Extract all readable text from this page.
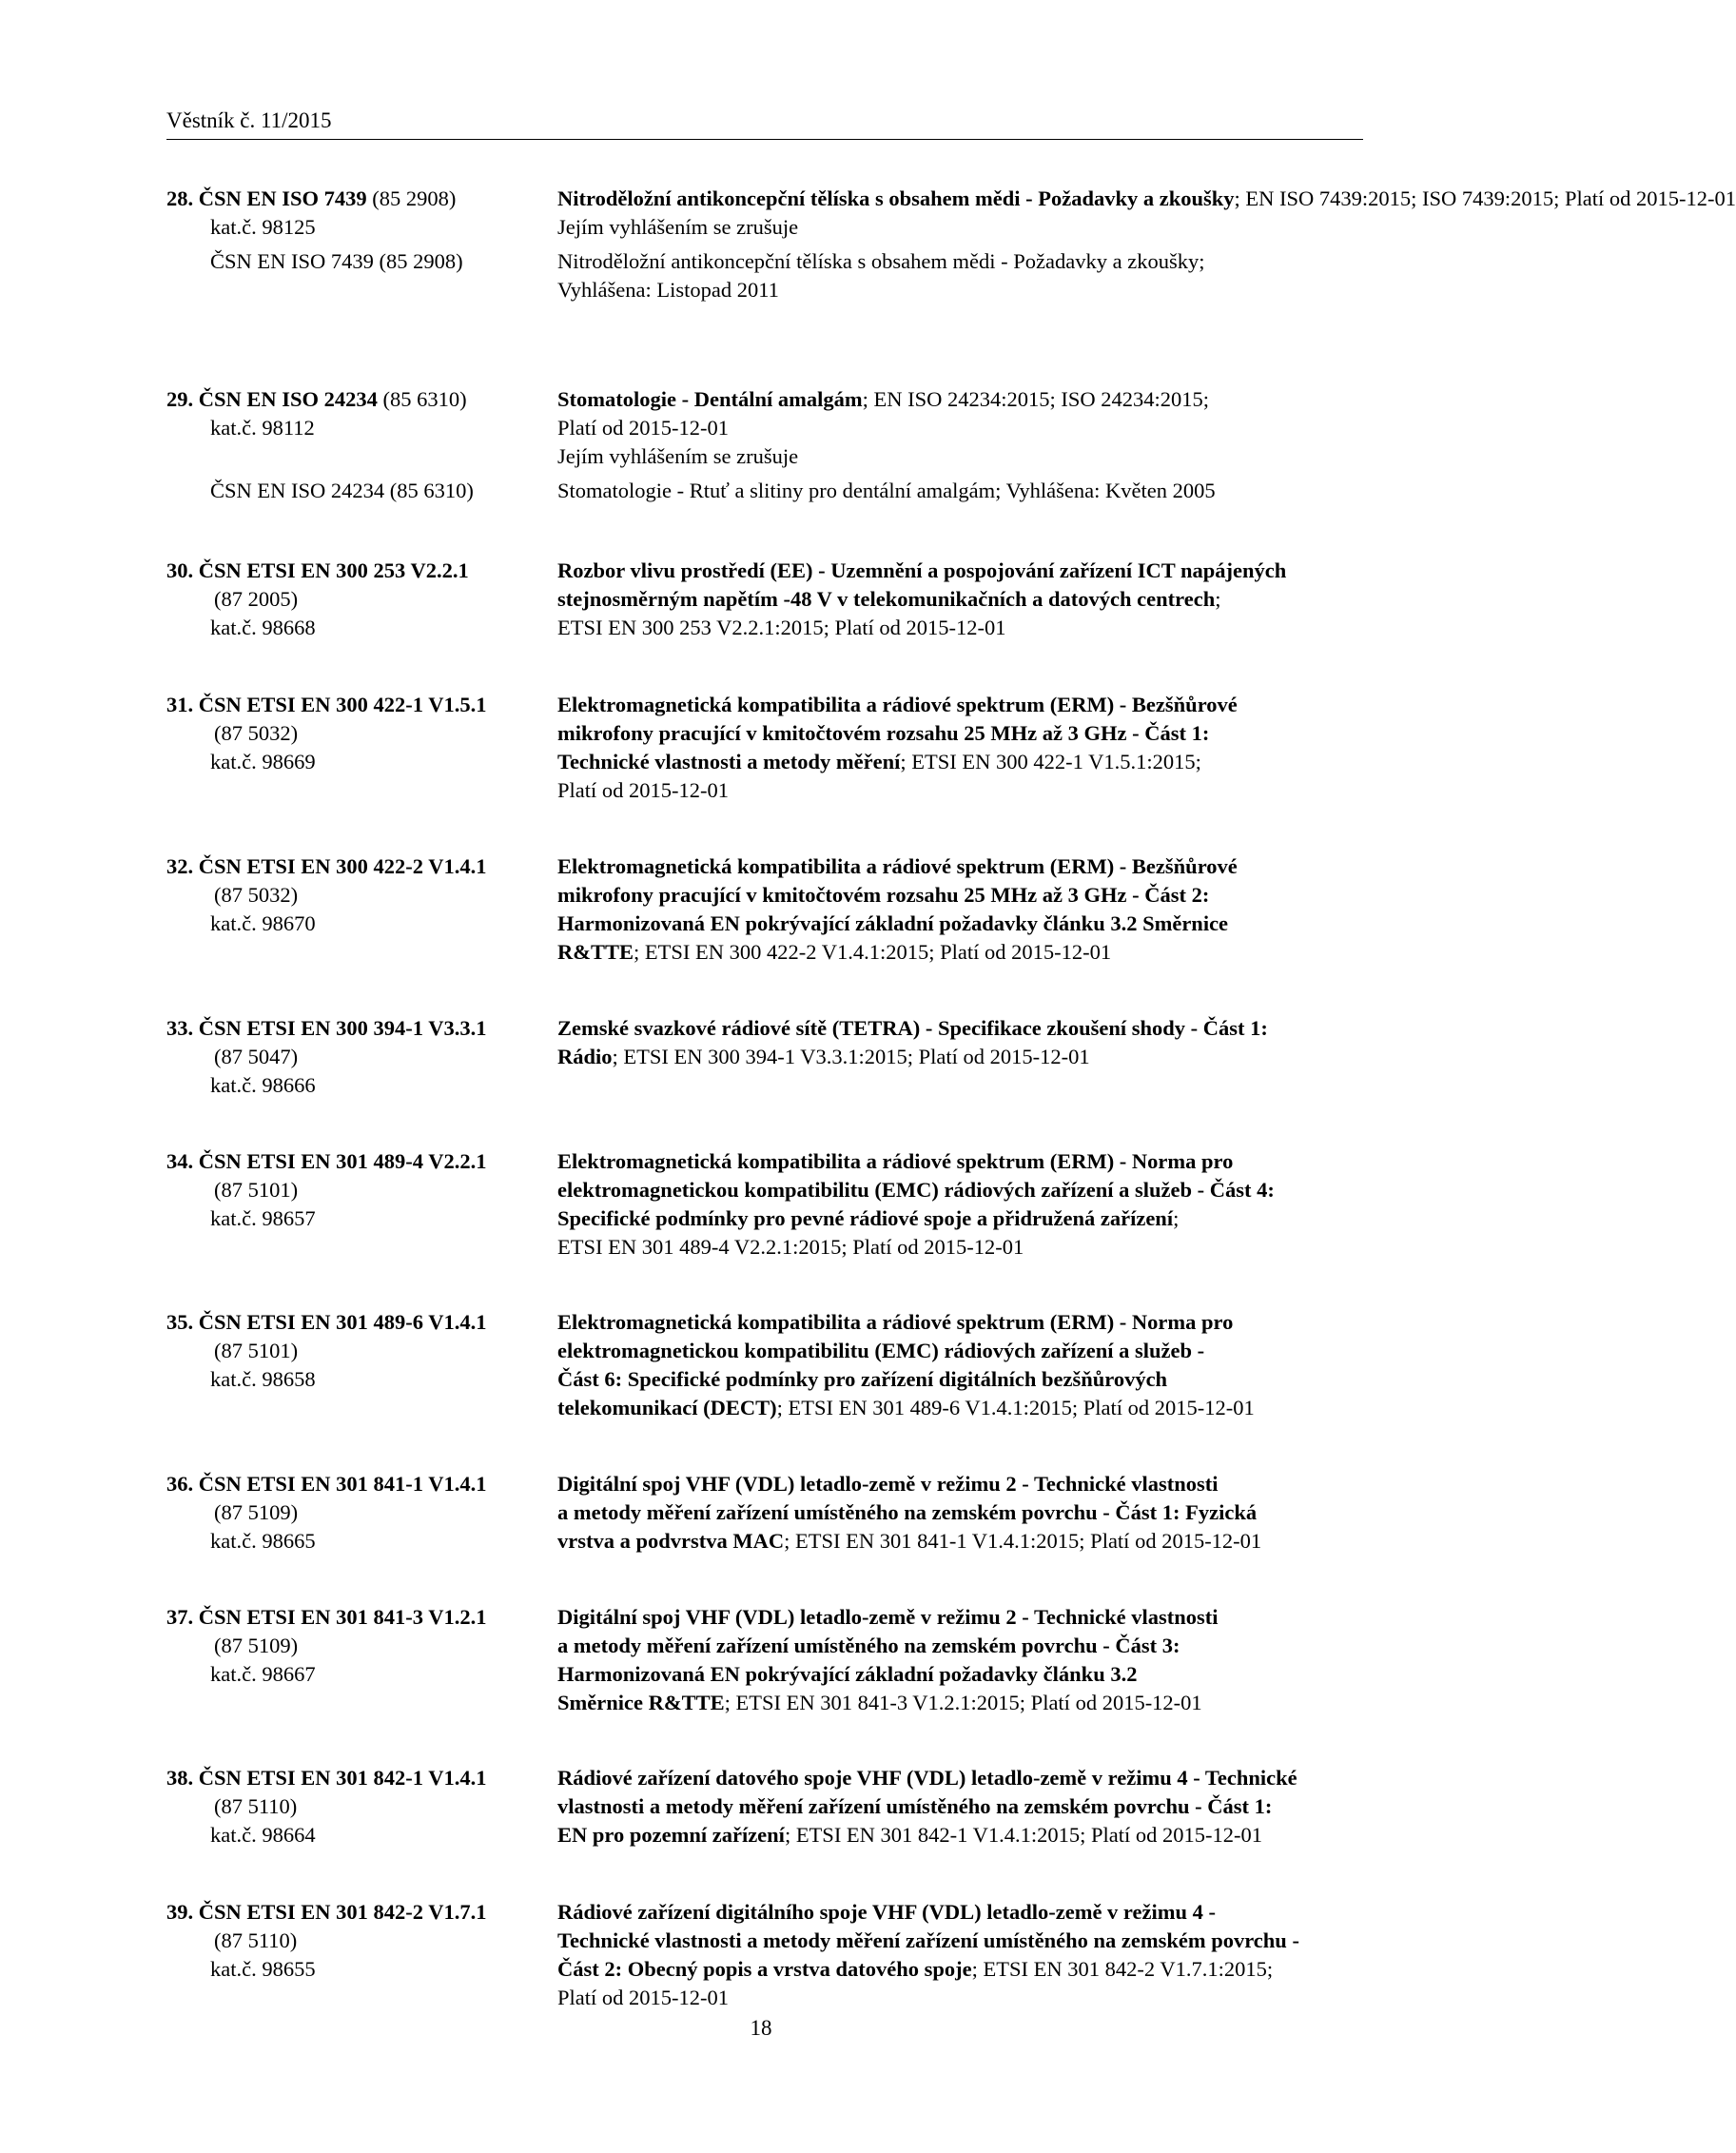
Věstník č. 11/2015
28. ČSN EN ISO 7439 (85 2908)
kat.č. 98125
Nitroděložní antikoncepční tělíska s obsahem mědi - Požadavky a zkoušky; EN ISO 7439:2015; ISO 7439:2015; Platí od 2015-12-01
Jejím vyhlášením se zrušuje
ČSN EN ISO 7439 (85 2908)	Nitroděložní antikoncepční tělíska s obsahem mědi - Požadavky a zkoušky;
Vyhlášena: Listopad 2011
29. ČSN EN ISO 24234 (85 6310)
kat.č. 98112
Stomatologie - Dentální amalgám; EN ISO 24234:2015; ISO 24234:2015;
Platí od 2015-12-01
Jejím vyhlášením se zrušuje
ČSN EN ISO 24234 (85 6310)	Stomatologie - Rtuť a slitiny pro dentální amalgám; Vyhlášena: Květen 2005
30. ČSN ETSI EN 300 253 V2.2.1
(87 2005)
kat.č. 98668
Rozbor vlivu prostředí (EE) - Uzemnění a pospojování zařízení ICT napájených
stejnosměrným napětím -48 V v telekomunikačních a datových centrech;
ETSI EN 300 253 V2.2.1:2015; Platí od 2015-12-01
31. ČSN ETSI EN 300 422-1 V1.5.1
(87 5032)
kat.č. 98669
Elektromagnetická kompatibilita a rádiové spektrum (ERM) - Bezšňůrové
mikrofony pracující v kmitočtovém rozsahu 25 MHz až 3 GHz - Část 1:
Technické vlastnosti a metody měření; ETSI EN 300 422-1 V1.5.1:2015;
Platí od 2015-12-01
32. ČSN ETSI EN 300 422-2 V1.4.1
(87 5032)
kat.č. 98670
Elektromagnetická kompatibilita a rádiové spektrum (ERM) - Bezšňůrové
mikrofony pracující v kmitočtovém rozsahu 25 MHz až 3 GHz - Část 2:
Harmonizovaná EN pokrývající základní požadavky článku 3.2 Směrnice
R&TTE; ETSI EN 300 422-2 V1.4.1:2015; Platí od 2015-12-01
33. ČSN ETSI EN 300 394-1 V3.3.1
(87 5047)
kat.č. 98666
Zemské svazkové rádiové sítě (TETRA) - Specifikace zkoušení shody - Část 1:
Rádio; ETSI EN 300 394-1 V3.3.1:2015; Platí od 2015-12-01
34. ČSN ETSI EN 301 489-4 V2.2.1
(87 5101)
kat.č. 98657
Elektromagnetická kompatibilita a rádiové spektrum (ERM) - Norma pro
elektromagnetickou kompatibilitu (EMC) rádiových zařízení a služeb - Část 4:
Specifické podmínky pro pevné rádiové spoje a přidružená zařízení;
ETSI EN 301 489-4 V2.2.1:2015; Platí od 2015-12-01
35. ČSN ETSI EN 301 489-6 V1.4.1
(87 5101)
kat.č. 98658
Elektromagnetická kompatibilita a rádiové spektrum (ERM) - Norma pro
elektromagnetickou kompatibilitu (EMC) rádiových zařízení a služeb -
Část 6: Specifické podmínky pro zařízení digitálních bezšňůrových
telekomunikací (DECT); ETSI EN 301 489-6 V1.4.1:2015; Platí od 2015-12-01
36. ČSN ETSI EN 301 841-1 V1.4.1
(87 5109)
kat.č. 98665
Digitální spoj VHF (VDL) letadlo-země v režimu 2 - Technické vlastnosti
a metody měření zařízení umístěného na zemském povrchu - Část 1: Fyzická
vrstva a podvrstva MAC; ETSI EN 301 841-1 V1.4.1:2015; Platí od 2015-12-01
37. ČSN ETSI EN 301 841-3 V1.2.1
(87 5109)
kat.č. 98667
Digitální spoj VHF (VDL) letadlo-země v režimu 2 - Technické vlastnosti
a metody měření zařízení umístěného na zemském povrchu - Část 3:
Harmonizovaná EN pokrývající základní požadavky článku 3.2
Směrnice R&TTE; ETSI EN 301 841-3 V1.2.1:2015; Platí od 2015-12-01
38. ČSN ETSI EN 301 842-1 V1.4.1
(87 5110)
kat.č. 98664
Rádiové zařízení datového spoje VHF (VDL) letadlo-země v režimu 4 - Technické
vlastnosti a metody měření zařízení umístěného na zemském povrchu - Část 1:
EN pro pozemní zařízení; ETSI EN 301 842-1 V1.4.1:2015; Platí od 2015-12-01
39. ČSN ETSI EN 301 842-2 V1.7.1
(87 5110)
kat.č. 98655
Rádiové zařízení digitálního spoje VHF (VDL) letadlo-země v režimu 4 -
Technické vlastnosti a metody měření zařízení umístěného na zemském povrchu -
Část 2: Obecný popis a vrstva datového spoje; ETSI EN 301 842-2 V1.7.1:2015;
Platí od 2015-12-01
18
